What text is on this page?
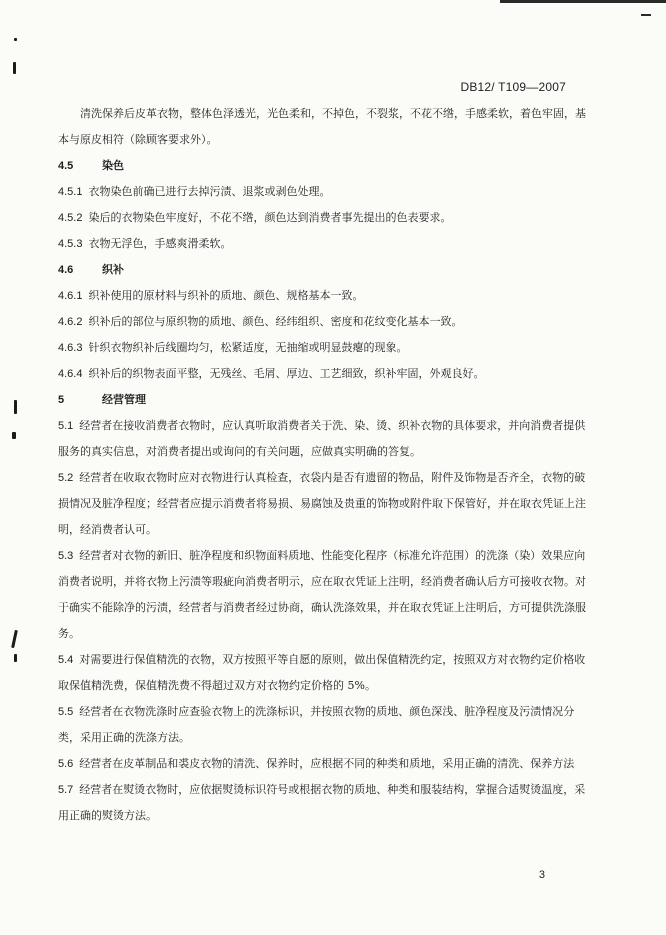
DB12/ T109—2007

清洗保养后皮革衣物，整体色泽透光，光色柔和，不掉色，不裂浆，不花不绺，手感柔软，着色牢固，基本与原皮相符（除顾客要求外）。

4.5	染色

4.5.1 衣物染色前确已进行去掉污渍、退浆或剥色处理。

4.5.2 染后的衣物染色牢度好，不花不绺，颜色达到消费者事先提出的色表要求。

4.5.3 衣物无浮色，手感爽滑柔软。

4.6	织补

4.6.1 织补使用的原材料与织补的质地、颜色、规格基本一致。

4.6.2 织补后的部位与原织物的质地、颜色、经纬组织、密度和花纹变化基本一致。

4.6.3 针织衣物织补后线圈均匀，松紧适度，无抽缩或明显鼓瘪的现象。

4.6.4 织补后的织物表面平整，无残丝、毛屑、厚边、工艺细致，织补牢固，外观良好。

5	经营管理

5.1 经营者在接收消费者衣物时，应认真听取消费者关于洗、染、烫、织补衣物的具体要求，并向消费者提供服务的真实信息，对消费者提出或询问的有关问题，应做真实明确的答复。

5.2 经营者在收取衣物时应对衣物进行认真检查，衣袋内是否有遗留的物品，附件及饰物是否齐全，衣物的破损情况及脏净程度；经营者应提示消费者将易损、易腐蚀及贵重的饰物或附件取下保管好，并在取衣凭证上注明，经消费者认可。

5.3 经营者对衣物的新旧、脏净程度和织物面料质地、性能变化程序（标准允许范围）的洗涤（染）效果应向消费者说明，并将衣物上污渍等瑕疵向消费者明示，应在取衣凭证上注明，经消费者确认后方可接收衣物。对于确实不能除净的污渍，经营者与消费者经过协商，确认洗涤效果，并在取衣凭证上注明后，方可提供洗涤服务。

5.4 对需要进行保值精洗的衣物，双方按照平等自愿的原则，做出保值精洗约定，按照双方对衣物约定价格收取保值精洗费，保值精洗费不得超过双方对衣物约定价格的 5%。

5.5 经营者在衣物洗涤时应查验衣物上的洗涤标识，并按照衣物的质地、颜色深浅、脏净程度及污渍情况分类，采用正确的洗涤方法。

5.6 经营者在皮革制品和裘皮衣物的清洗、保养时，应根据不同的种类和质地，采用正确的清洗、保养方法

5.7 经营者在熨烫衣物时，应依据熨烫标识符号或根据衣物的质地、种类和服装结构，掌握合适熨烫温度，采用正确的熨烫方法。

3
